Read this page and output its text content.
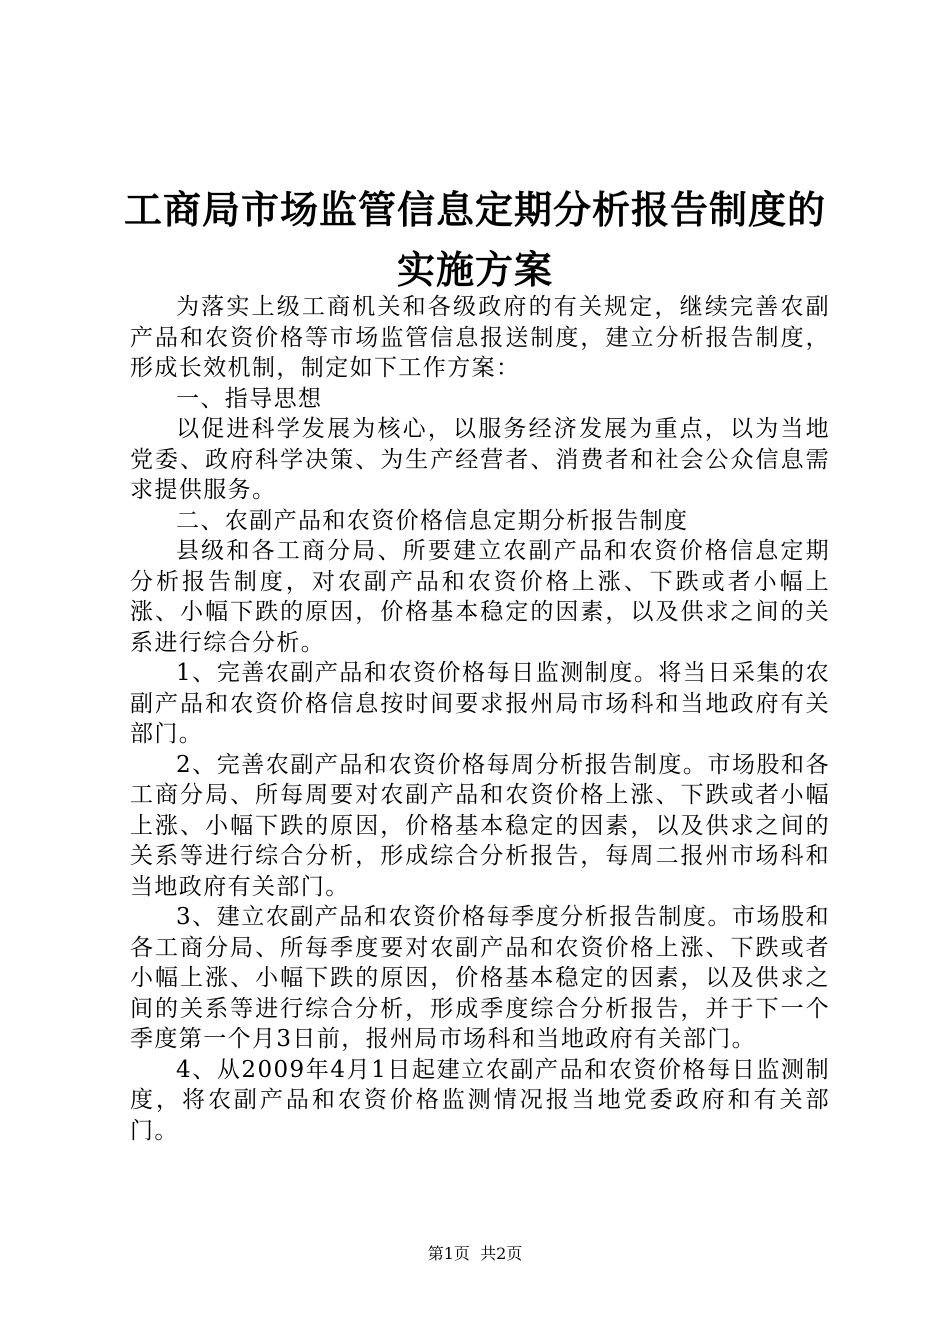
工商局市场监管信息定期分析报告制度的实施方案

为落实上级工商机关和各级政府的有关规定，继续完善农副产品和农资价格等市场监管信息报送制度，建立分析报告制度，形成长效机制，制定如下工作方案：

一、指导思想

以促进科学发展为核心，以服务经济发展为重点，以为当地党委、政府科学决策、为生产经营者、消费者和社会公众信息需求提供服务。

二、农副产品和农资价格信息定期分析报告制度

县级和各工商分局、所要建立农副产品和农资价格信息定期分析报告制度，对农副产品和农资价格上涨、下跌或者小幅上涨、小幅下跌的原因，价格基本稳定的因素，以及供求之间的关系进行综合分析。

1、完善农副产品和农资价格每日监测制度。将当日采集的农副产品和农资价格信息按时间要求报州局市场科和当地政府有关部门。

2、完善农副产品和农资价格每周分析报告制度。市场股和各工商分局、所每周要对农副产品和农资价格上涨、下跌或者小幅上涨、小幅下跌的原因，价格基本稳定的因素，以及供求之间的关系等进行综合分析，形成综合分析报告，每周二报州市场科和当地政府有关部门。

3、建立农副产品和农资价格每季度分析报告制度。市场股和各工商分局、所每季度要对农副产品和农资价格上涨、下跌或者小幅上涨、小幅下跌的原因，价格基本稳定的因素，以及供求之间的关系等进行综合分析，形成季度综合分析报告，并于下一个季度第一个月3日前，报州局市场科和当地政府有关部门。

4、从2009年4月1日起建立农副产品和农资价格每日监测制度，将农副产品和农资价格监测情况报当地党委政府和有关部门。

第1页  共2页
